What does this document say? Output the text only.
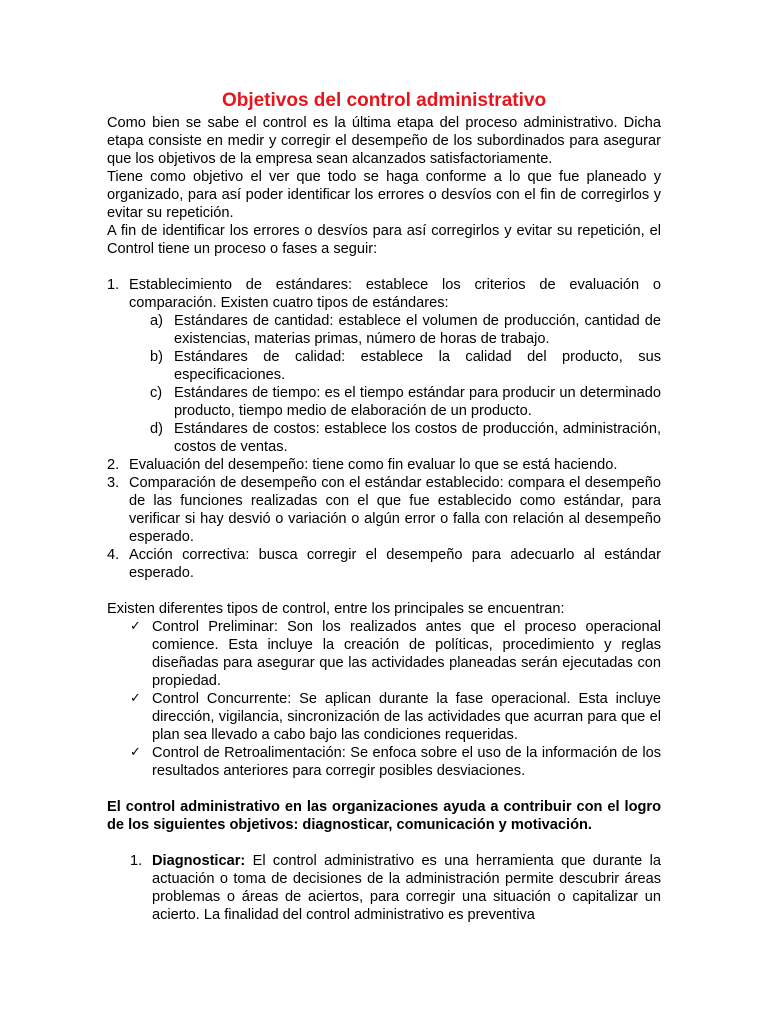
Objetivos del control administrativo

Como bien se sabe el control es la última etapa del proceso administrativo. Dicha etapa consiste en medir y corregir el desempeño de los subordinados para asegurar que los objetivos de la empresa sean alcanzados satisfactoriamente.

Tiene como objetivo el ver que todo se haga conforme a lo que fue planeado y organizado, para así poder identificar los errores o desvíos con el fin de corregirlos y evitar su repetición.

A fin de identificar los errores o desvíos para así corregirlos y evitar su repetición, el Control tiene un proceso o fases a seguir:

1. Establecimiento de estándares: establece los criterios de evaluación o comparación. Existen cuatro tipos de estándares:
a) Estándares de cantidad: establece el volumen de producción, cantidad de existencias, materias primas, número de horas de trabajo.
b) Estándares de calidad: establece la calidad del producto, sus especificaciones.
c) Estándares de tiempo: es el tiempo estándar para producir un determinado producto, tiempo medio de elaboración de un producto.
d) Estándares de costos: establece los costos de producción, administración, costos de ventas.
2. Evaluación del desempeño: tiene como fin evaluar lo que se está haciendo.
3. Comparación de desempeño con el estándar establecido: compara el desempeño de las funciones realizadas con el que fue establecido como estándar, para verificar si hay desvió o variación o algún error o falla con relación al desempeño esperado.
4. Acción correctiva: busca corregir el desempeño para adecuarlo al estándar esperado.

Existen diferentes tipos de control, entre los principales se encuentran:

✓ Control Preliminar: Son los realizados antes que el proceso operacional comience. Esta incluye la creación de políticas, procedimiento y reglas diseñadas para asegurar que las actividades planeadas serán ejecutadas con propiedad.
✓ Control Concurrente: Se aplican durante la fase operacional. Esta incluye dirección, vigilancia, sincronización de las actividades que acurran para que el plan sea llevado a cabo bajo las condiciones requeridas.
✓ Control de Retroalimentación: Se enfoca sobre el uso de la información de los resultados anteriores para corregir posibles desviaciones.

El control administrativo en las organizaciones ayuda a contribuir con el logro de los siguientes objetivos: diagnosticar, comunicación y motivación.

1. Diagnosticar: El control administrativo es una herramienta que durante la actuación o toma de decisiones de la administración permite descubrir áreas problemas o áreas de aciertos, para corregir una situación o capitalizar un acierto. La finalidad del control administrativo es preventiva
